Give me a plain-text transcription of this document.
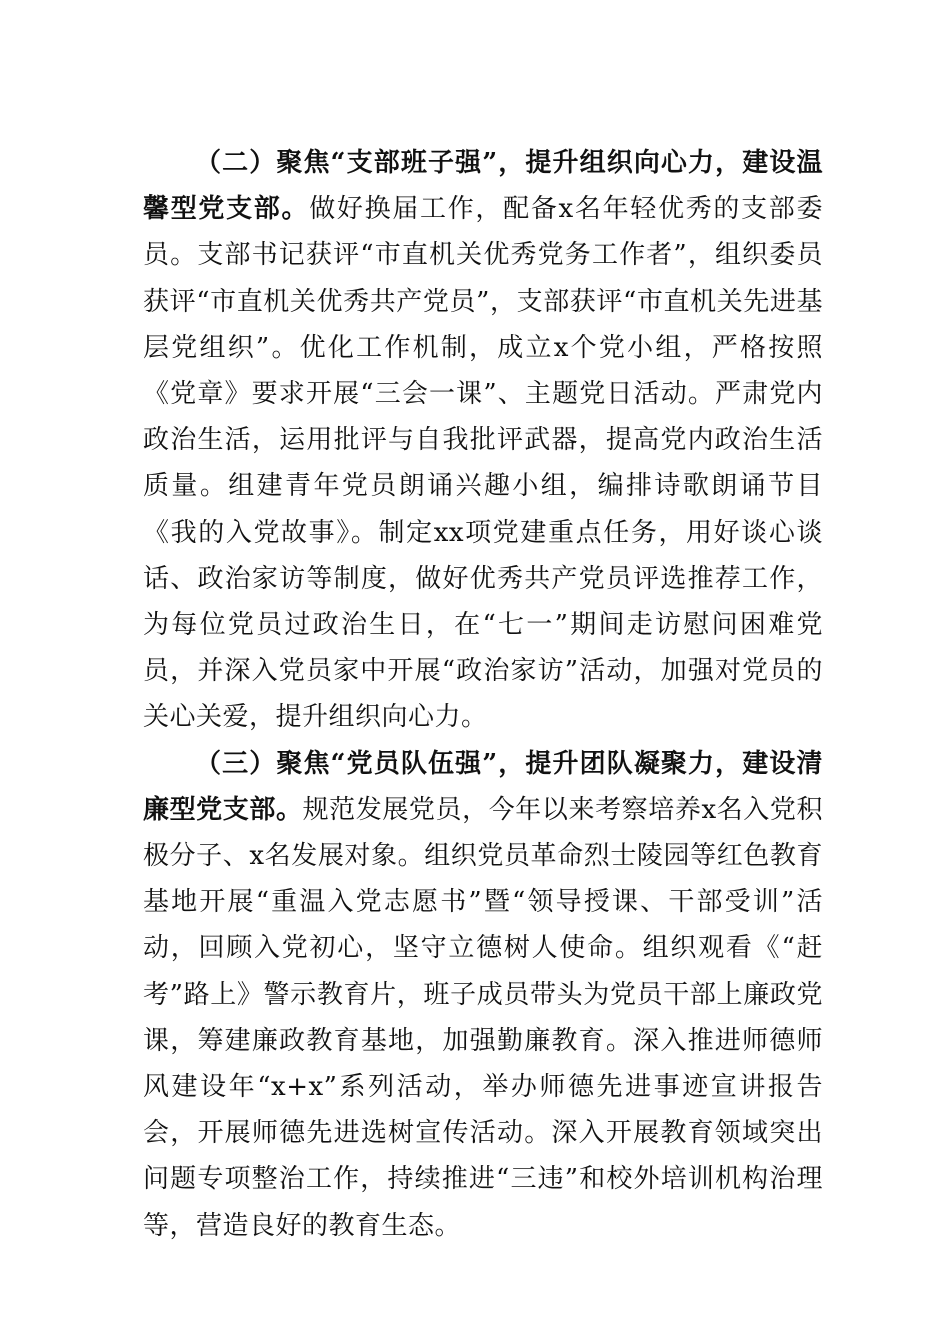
（二）聚焦“支部班子强”，提升组织向心力，建设温馨型党支部。做好换届工作，配备x名年轻优秀的支部委员。支部书记获评“市直机关优秀党务工作者”，组织委员获评“市直机关优秀共产党员”，支部获评“市直机关先进基层党组织”。优化工作机制，成立x个党小组，严格按照《党章》要求开展“三会一课”、主题党日活动。严肃党内政治生活，运用批评与自我批评武器，提高党内政治生活质量。组建青年党员朗诵兴趣小组，编排诗歌朗诵节目《我的入党故事》。制定xx项党建重点任务，用好谈心谈话、政治家访等制度，做好优秀共产党员评选推荐工作，为每位党员过政治生日，在“七一”期间走访慰问困难党员，并深入党员家中开展“政治家访”活动，加强对党员的关心关爱，提升组织向心力。

（三）聚焦“党员队伍强”，提升团队凝聚力，建设清廉型党支部。规范发展党员，今年以来考察培养x名入党积极分子、x名发展对象。组织党员革命烈士陵园等红色教育基地开展“重温入党志愿书”暨“领导授课、干部受训”活动，回顾入党初心，坚守立德树人使命。组织观看《“赶考”路上》警示教育片，班子成员带头为党员干部上廉政党课，筹建廉政教育基地，加强勤廉教育。深入推进师德师风建设年“x+x”系列活动，举办师德先进事迹宣讲报告会，开展师德先进选树宣传活动。深入开展教育领域突出问题专项整治工作，持续推进“三违”和校外培训机构治理等，营造良好的教育生态。
